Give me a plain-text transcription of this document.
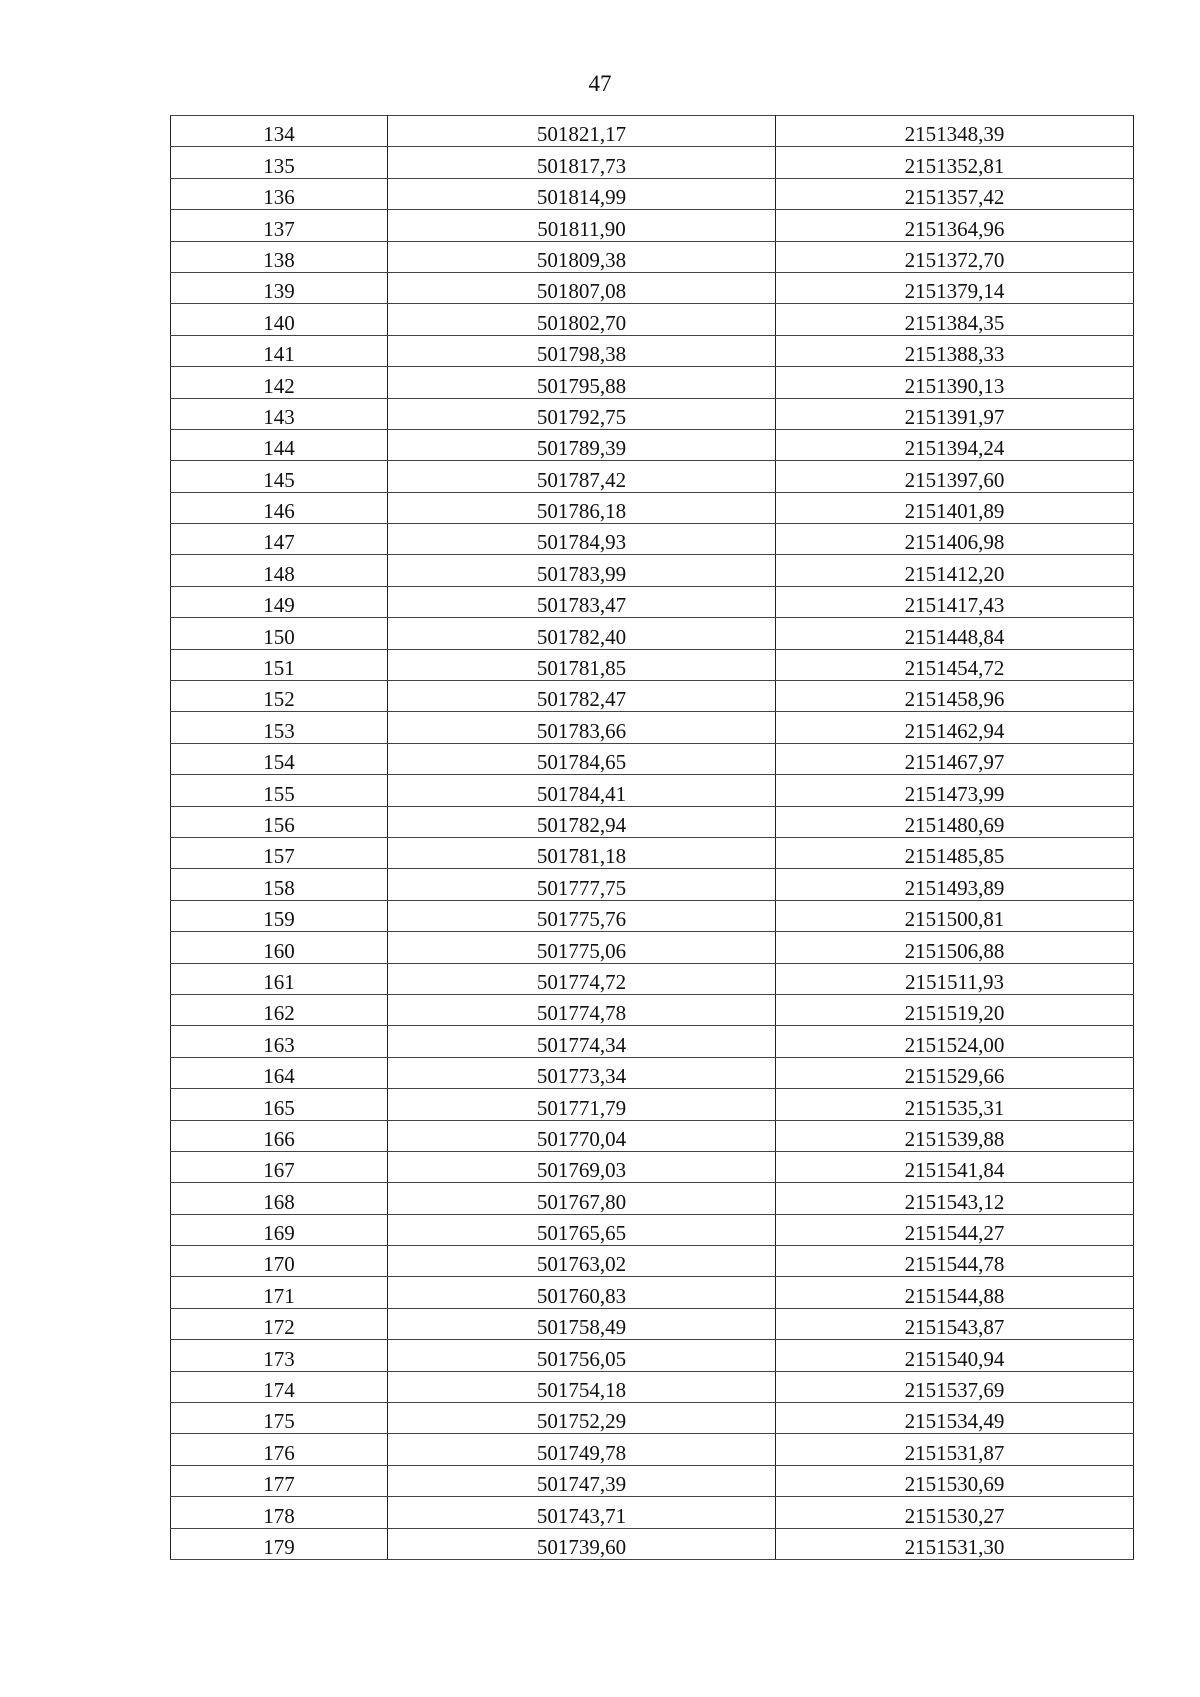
47
134	501821,17	2151348,39
135	501817,73	2151352,81
136	501814,99	2151357,42
137	501811,90	2151364,96
138	501809,38	2151372,70
139	501807,08	2151379,14
140	501802,70	2151384,35
141	501798,38	2151388,33
142	501795,88	2151390,13
143	501792,75	2151391,97
144	501789,39	2151394,24
145	501787,42	2151397,60
146	501786,18	2151401,89
147	501784,93	2151406,98
148	501783,99	2151412,20
149	501783,47	2151417,43
150	501782,40	2151448,84
151	501781,85	2151454,72
152	501782,47	2151458,96
153	501783,66	2151462,94
154	501784,65	2151467,97
155	501784,41	2151473,99
156	501782,94	2151480,69
157	501781,18	2151485,85
158	501777,75	2151493,89
159	501775,76	2151500,81
160	501775,06	2151506,88
161	501774,72	2151511,93
162	501774,78	2151519,20
163	501774,34	2151524,00
164	501773,34	2151529,66
165	501771,79	2151535,31
166	501770,04	2151539,88
167	501769,03	2151541,84
168	501767,80	2151543,12
169	501765,65	2151544,27
170	501763,02	2151544,78
171	501760,83	2151544,88
172	501758,49	2151543,87
173	501756,05	2151540,94
174	501754,18	2151537,69
175	501752,29	2151534,49
176	501749,78	2151531,87
177	501747,39	2151530,69
178	501743,71	2151530,27
179	501739,60	2151531,30
